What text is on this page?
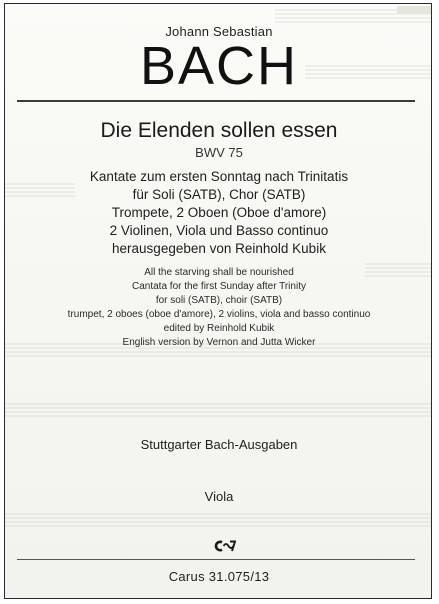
Johann Sebastian
BACH
Die Elenden sollen essen
BWV 75
Kantate zum ersten Sonntag nach Trinitatis
für Soli (SATB), Chor (SATB)
Trompete, 2 Oboen (Oboe d'amore)
2 Violinen, Viola und Basso continuo
herausgegeben von Reinhold Kubik
All the starving shall be nourished
Cantata for the first Sunday after Trinity
for soli (SATB), choir (SATB)
trumpet, 2 oboes (oboe d'amore), 2 violins, viola and basso continuo
edited by Reinhold Kubik
English version by Vernon and Jutta Wicker
Stuttgarter Bach-Ausgaben
Viola
Carus 31.075/13
